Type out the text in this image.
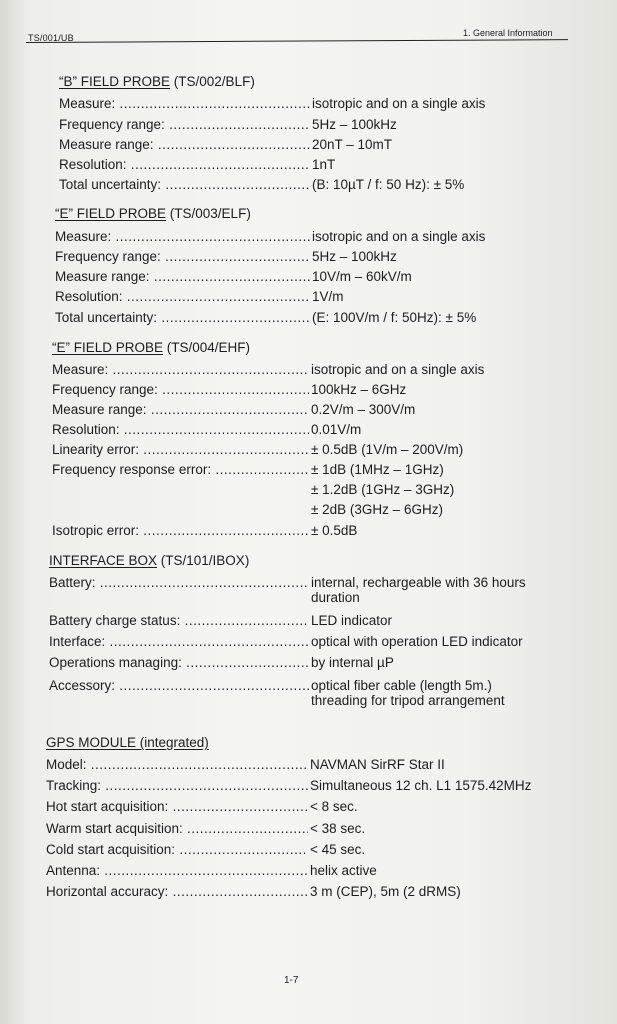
TS/001/UB	1. General Information
“B” FIELD PROBE (TS/002/BLF)
Measure: .....	isotropic and on a single axis
Frequency range: .....	5Hz – 100kHz
Measure range: .....	20nT – 10mT
Resolution: .....	1nT
Total uncertainty: .....	(B: 10µT / f: 50 Hz): ± 5%
“E” FIELD PROBE (TS/003/ELF)
Measure: .....	isotropic and on a single axis
Frequency range: .....	5Hz – 100kHz
Measure range: .....	10V/m – 60kV/m
Resolution: .....	1V/m
Total uncertainty: .....	(E: 100V/m / f: 50Hz): ± 5%
“E” FIELD PROBE (TS/004/EHF)
Measure: .....	isotropic and on a single axis
Frequency range: .....	100kHz – 6GHz
Measure range: .....	0.2V/m – 300V/m
Resolution: .....	0.01V/m
Linearity error: .....	± 0.5dB (1V/m – 200V/m)
Frequency response error: .....	± 1dB (1MHz – 1GHz)
± 1.2dB (1GHz – 3GHz)
± 2dB (3GHz – 6GHz)
Isotropic error: .....	± 0.5dB
INTERFACE BOX (TS/101/IBOX)
Battery: .....	internal, rechargeable with 36 hours
duration
Battery charge status: .....	LED indicator
Interface: .....	optical with operation LED indicator
Operations managing: .....	by internal µP
Accessory: .....	optical fiber cable (length 5m.)
threading for tripod arrangement
GPS MODULE (integrated)
Model: .....	NAVMAN SirRF Star II
Tracking: .....	Simultaneous 12 ch. L1 1575.42MHz
Hot start acquisition: .....	< 8 sec.
Warm start acquisition: .....	< 38 sec.
Cold start acquisition: .....	< 45 sec.
Antenna: .....	helix active
Horizontal accuracy: .....	3 m (CEP), 5m (2 dRMS)
1-7
